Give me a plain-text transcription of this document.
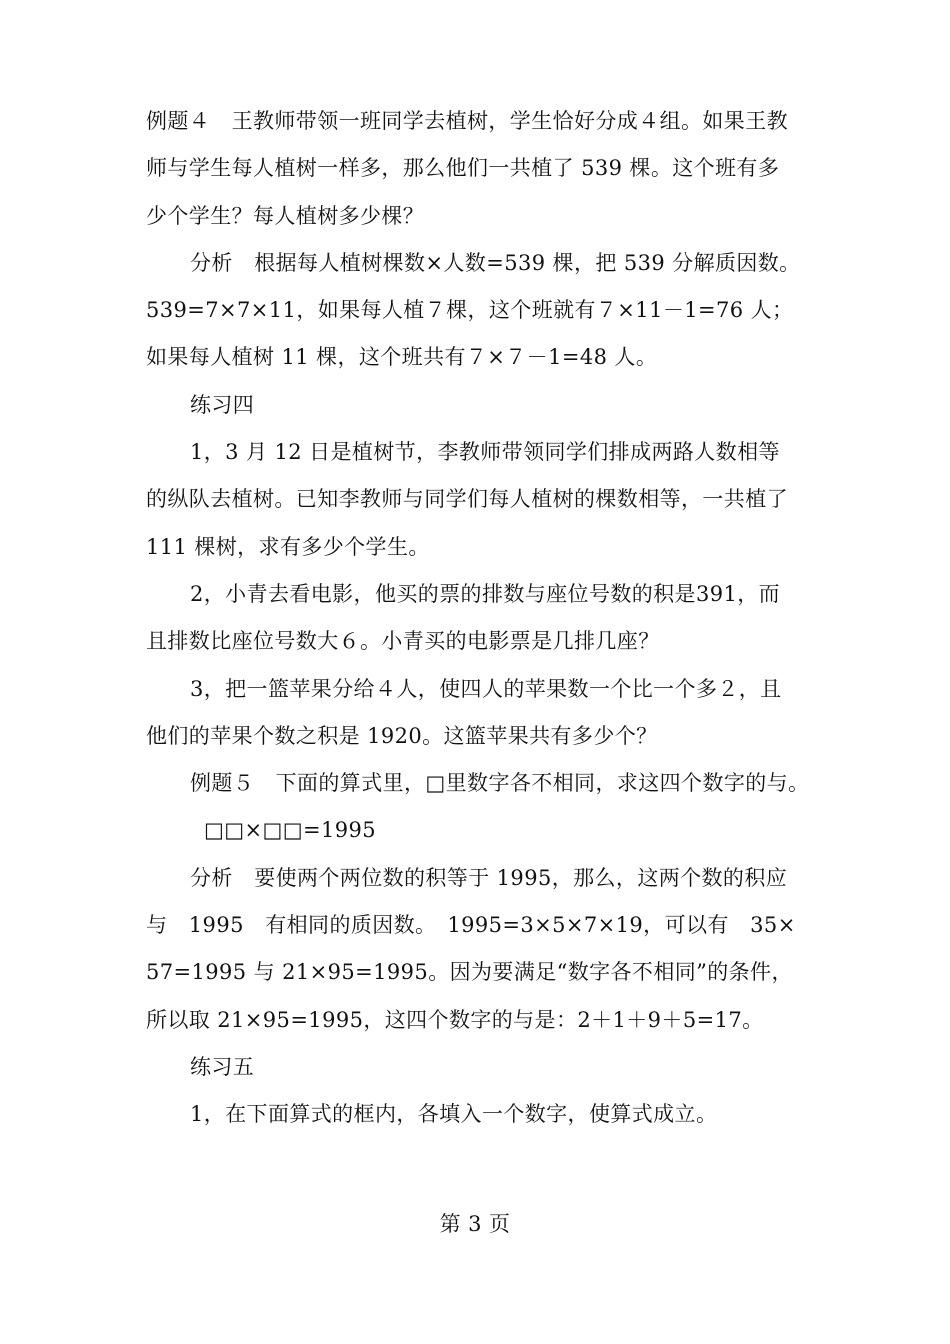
例题４　王教师带领一班同学去植树，学生恰好分成４组。如果王教
师与学生每人植树一样多，那么他们一共植了 539 棵。这个班有多
少个学生？每人植树多少棵？
分析　根据每人植树棵数×人数=539 棵，把 539 分解质因数。
539=7×7×11，如果每人植７棵，这个班就有７×11－1=76 人；
如果每人植树 11 棵，这个班共有７×７－1=48 人。
练习四
1，3 月 12 日是植树节，李教师带领同学们排成两路人数相等
的纵队去植树。已知李教师与同学们每人植树的棵数相等，一共植了
111 棵树，求有多少个学生。
2，小青去看电影，他买的票的排数与座位号数的积是391，而
且排数比座位号数大６。小青买的电影票是几排几座？
3，把一篮苹果分给４人，使四人的苹果数一个比一个多２，且
他们的苹果个数之积是 1920。这篮苹果共有多少个？
例题５　下面的算式里，□里数字各不相同，求这四个数字的与。
□□×□□=1995
分析　要使两个两位数的积等于 1995，那么，这两个数的积应
与　1995　有相同的质因数。　1995=3×5×7×19，可以有　35×
57=1995 与 21×95=1995。因为要满足“数字各不相同”的条件，
所以取 21×95=1995，这四个数字的与是：2＋1＋9＋5=17。
练习五
1，在下面算式的框内，各填入一个数字，使算式成立。
第 3 页
